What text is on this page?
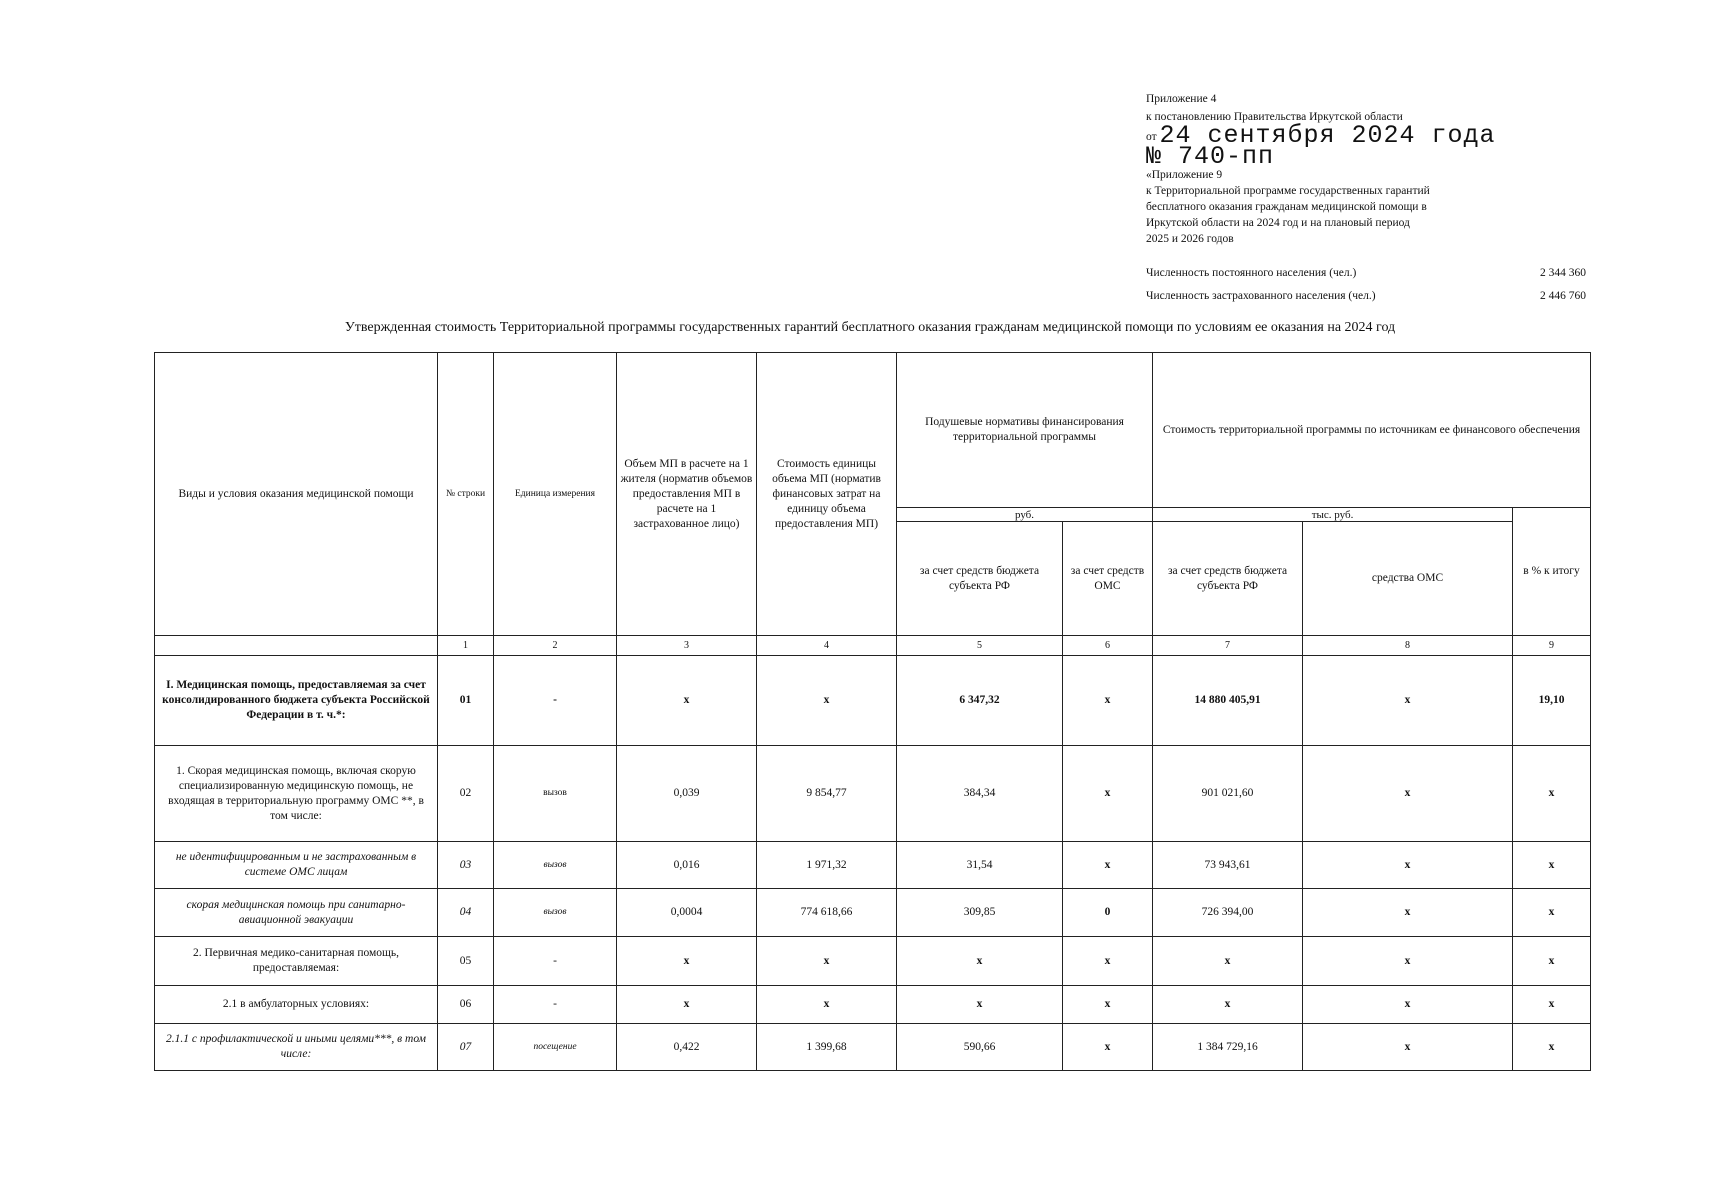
Приложение 4
к постановлению Правительства Иркутской области
от 24 сентября 2024 года
№ 740-пп
«Приложение 9
к Территориальной программе государственных гарантий
бесплатного оказания гражданам медицинской помощи в
Иркутской области на 2024 год и на плановый период
2025 и 2026 годов
Численность постоянного населения (чел.)	2 344 360
Численность застрахованного населения (чел.)	2 446 760
Утвержденная стоимость Территориальной программы государственных гарантий бесплатного оказания гражданам медицинской помощи по условиям ее оказания на 2024 год
Виды и условия оказания медицинской помощи	№ строки	Единица измерения	Объем МП в расчете на 1 жителя (норматив объемов предоставления МП в расчете на 1 застрахованное лицо)	Стоимость единицы объема МП (норматив финансовых затрат на единицу объема предоставления МП)	Подушевые нормативы финансирования территориальной программы		Стоимость территориальной программы по источникам ее финансового обеспечения		
					руб.		тыс. руб.		в % к итогу
					за счет средств бюджета субъекта РФ	за счет средств ОМС	за счет средств бюджета субъекта РФ	средства ОМС	
	1	2	3	4	5	6	7	8	9
I. Медицинская помощь, предоставляемая за счет консолидированного бюджета субъекта Российской Федерации в т. ч.*:	01	-	x	x	6 347,32	x	14 880 405,91	x	19,10
1. Скорая медицинская помощь, включая скорую специализированную медицинскую помощь, не входящая в территориальную программу ОМС **, в том числе:	02	вызов	0,039	9 854,77	384,34	x	901 021,60	x	x
не идентифицированным и не застрахованным в системе ОМС лицам	03	вызов	0,016	1 971,32	31,54	x	73 943,61	x	x
скорая медицинская помощь при санитарно-авиационной эвакуации	04	вызов	0,0004	774 618,66	309,85	0	726 394,00	x	x
2. Первичная медико-санитарная помощь, предоставляемая:	05	-	x	x	x	x	x	x	x
2.1 в амбулаторных условиях:	06	-	x	x	x	x	x	x	x
2.1.1 с профилактической и иными целями***, в том числе:	07	посещение	0,422	1 399,68	590,66	x	1 384 729,16	x	x
